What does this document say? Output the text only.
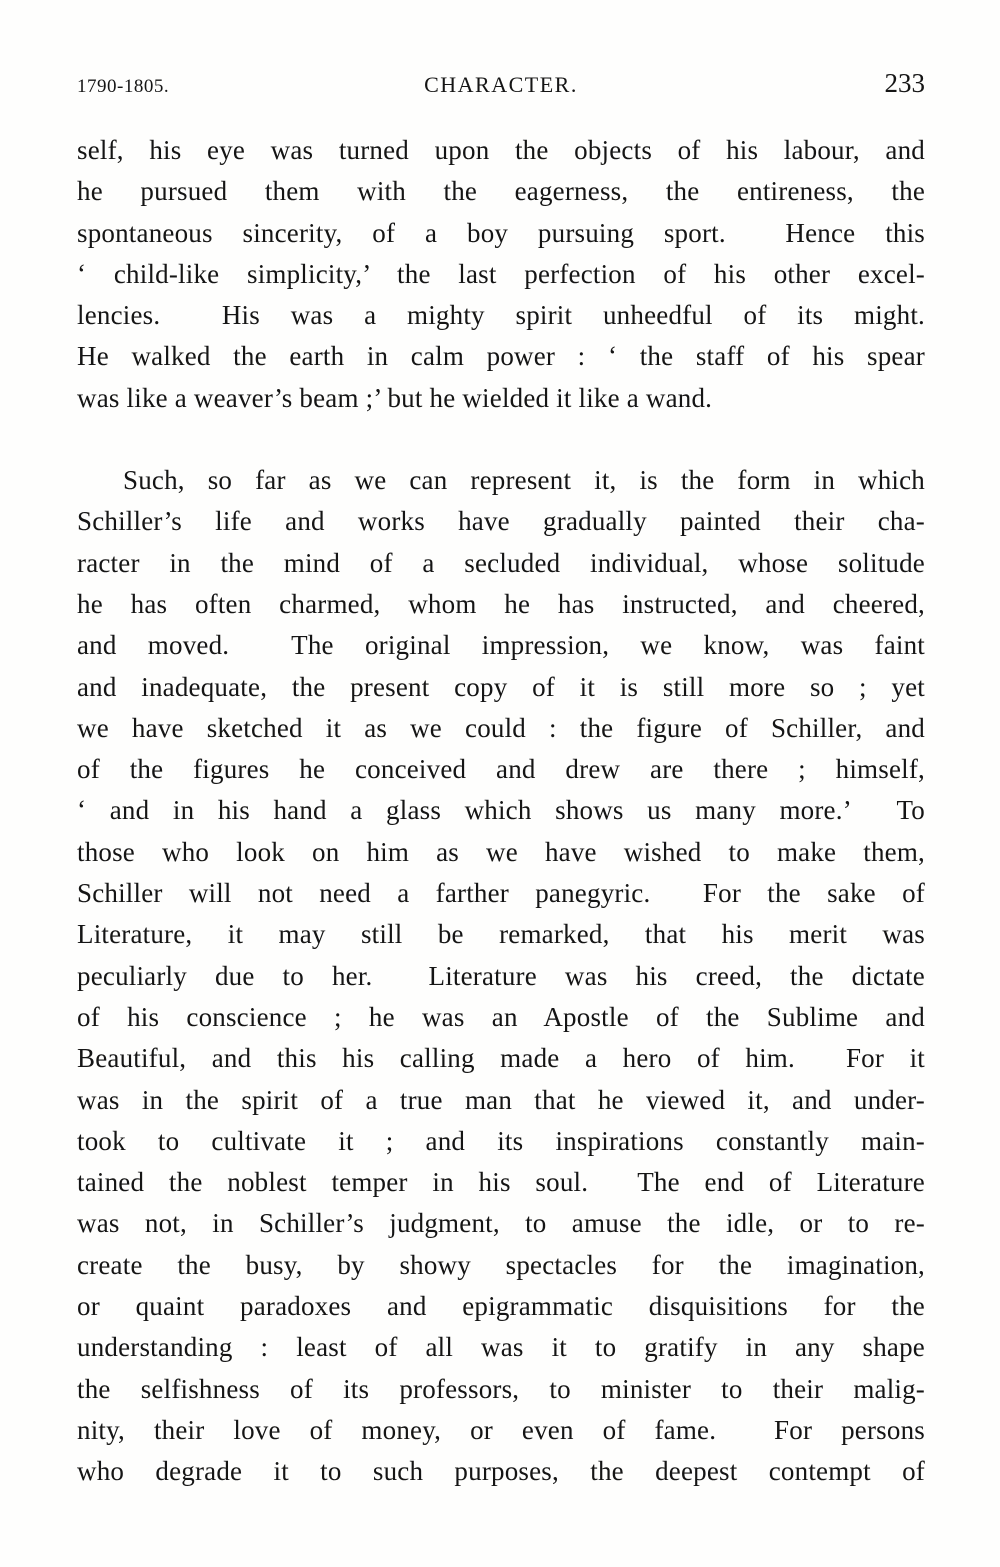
1790-1805.	CHARACTER.	233
self, his eye was turned upon the objects of his labour, and
he pursued them with the eagerness, the entireness, the
spontaneous sincerity, of a boy pursuing sport.  Hence this
‘ child-like simplicity,’ the last perfection of his other excel-
lencies.  His was a mighty spirit unheedful of its might.
He walked the earth in calm power : ‘ the staff of his spear
was like a weaver’s beam ;’ but he wielded it like a wand.
Such, so far as we can represent it, is the form in which
Schiller’s life and works have gradually painted their cha-
racter in the mind of a secluded individual, whose solitude
he has often charmed, whom he has instructed, and cheered,
and moved.  The original impression, we know, was faint
and inadequate, the present copy of it is still more so ; yet
we have sketched it as we could : the figure of Schiller, and
of the figures he conceived and drew are there ; himself,
‘ and in his hand a glass which shows us many more.’  To
those who look on him as we have wished to make them,
Schiller will not need a farther panegyric.  For the sake of
Literature, it may still be remarked, that his merit was
peculiarly due to her.  Literature was his creed, the dictate
of his conscience ; he was an Apostle of the Sublime and
Beautiful, and this his calling made a hero of him.  For it
was in the spirit of a true man that he viewed it, and under-
took to cultivate it ; and its inspirations constantly main-
tained the noblest temper in his soul.  The end of Literature
was not, in Schiller’s judgment, to amuse the idle, or to re-
create the busy, by showy spectacles for the imagination,
or quaint paradoxes and epigrammatic disquisitions for the
understanding : least of all was it to gratify in any shape
the selfishness of its professors, to minister to their malig-
nity, their love of money, or even of fame.  For persons
who degrade it to such purposes, the deepest contempt of
